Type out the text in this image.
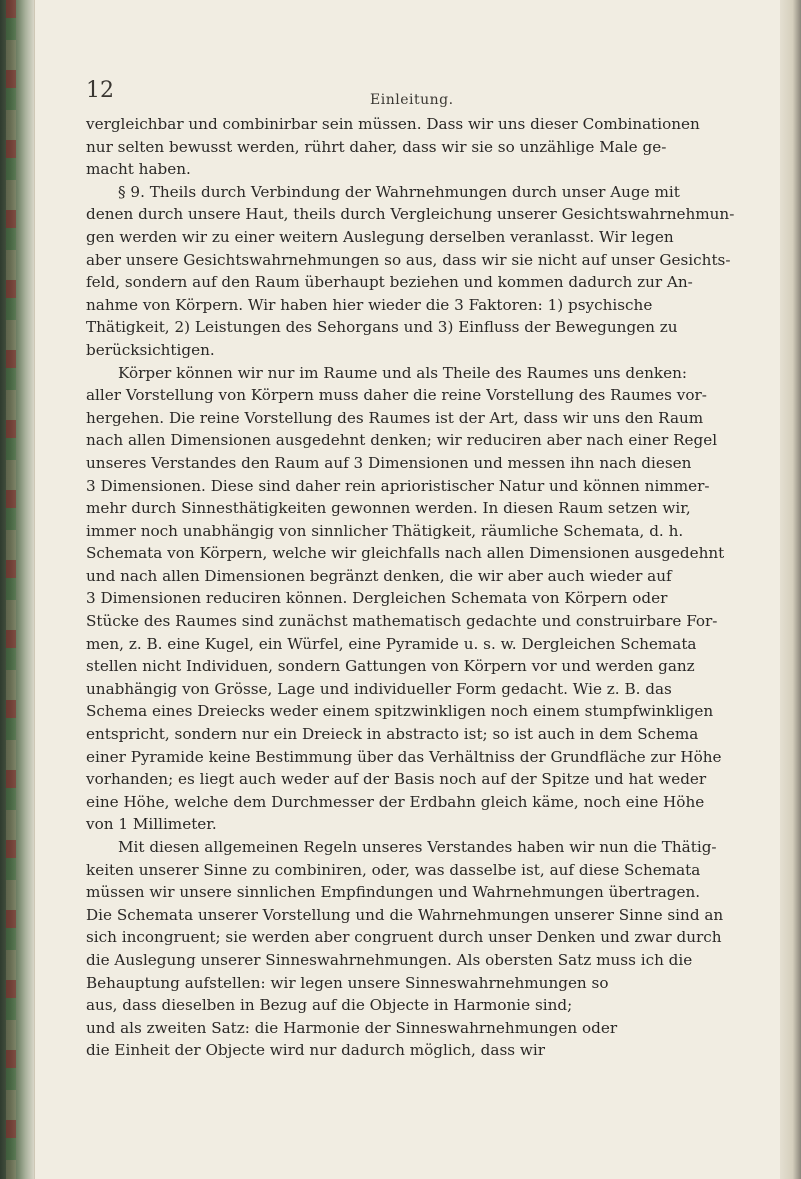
12	Einleitung.
vergleichbar und combinirbar sein müssen. Dass wir uns dieser Combinationen
nur selten bewusst werden, rührt daher, dass wir sie so unzählige Male ge-
macht haben.
§ 9. Theils durch Verbindung der Wahrnehmungen durch unser Auge mit
denen durch unsere Haut, theils durch Vergleichung unserer Gesichtswahrnehmun-
gen werden wir zu einer weitern Auslegung derselben veranlasst. Wir legen
aber unsere Gesichtswahrnehmungen so aus, dass wir sie nicht auf unser Gesichts-
feld, sondern auf den Raum überhaupt beziehen und kommen dadurch zur An-
nahme von Körpern. Wir haben hier wieder die 3 Faktoren: 1) psychische
Thätigkeit, 2) Leistungen des Sehorgans und 3) Einfluss der Bewegungen zu
berücksichtigen.
Körper können wir nur im Raume und als Theile des Raumes uns denken:
aller Vorstellung von Körpern muss daher die reine Vorstellung des Raumes vor-
hergehen. Die reine Vorstellung des Raumes ist der Art, dass wir uns den Raum
nach allen Dimensionen ausgedehnt denken; wir reduciren aber nach einer Regel
unseres Verstandes den Raum auf 3 Dimensionen und messen ihn nach diesen
3 Dimensionen. Diese sind daher rein aprioristischer Natur und können nimmer-
mehr durch Sinnesthätigkeiten gewonnen werden. In diesen Raum setzen wir,
immer noch unabhängig von sinnlicher Thätigkeit, räumliche Schemata, d. h.
Schemata von Körpern, welche wir gleichfalls nach allen Dimensionen ausgedehnt
und nach allen Dimensionen begränzt denken, die wir aber auch wieder auf
3 Dimensionen reduciren können. Dergleichen Schemata von Körpern oder
Stücke des Raumes sind zunächst mathematisch gedachte und construirbare For-
men, z. B. eine Kugel, ein Würfel, eine Pyramide u. s. w. Dergleichen Schemata
stellen nicht Individuen, sondern Gattungen von Körpern vor und werden ganz
unabhängig von Grösse, Lage und individueller Form gedacht. Wie z. B. das
Schema eines Dreiecks weder einem spitzwinkligen noch einem stumpfwinkligen
entspricht, sondern nur ein Dreieck in abstracto ist; so ist auch in dem Schema
einer Pyramide keine Bestimmung über das Verhältniss der Grundfläche zur Höhe
vorhanden; es liegt auch weder auf der Basis noch auf der Spitze und hat weder
eine Höhe, welche dem Durchmesser der Erdbahn gleich käme, noch eine Höhe
von 1 Millimeter.
Mit diesen allgemeinen Regeln unseres Verstandes haben wir nun die Thätig-
keiten unserer Sinne zu combiniren, oder, was dasselbe ist, auf diese Schemata
müssen wir unsere sinnlichen Empfindungen und Wahrnehmungen übertragen.
Die Schemata unserer Vorstellung und die Wahrnehmungen unserer Sinne sind an
sich incongruent; sie werden aber congruent durch unser Denken und zwar durch
die Auslegung unserer Sinneswahrnehmungen. Als obersten Satz muss ich die
Behauptung aufstellen: wir legen unsere Sinneswahrnehmungen so
aus, dass dieselben in Bezug auf die Objecte in Harmonie sind;
und als zweiten Satz: die Harmonie der Sinneswahrnehmungen oder
die Einheit der Objecte wird nur dadurch möglich, dass wir
